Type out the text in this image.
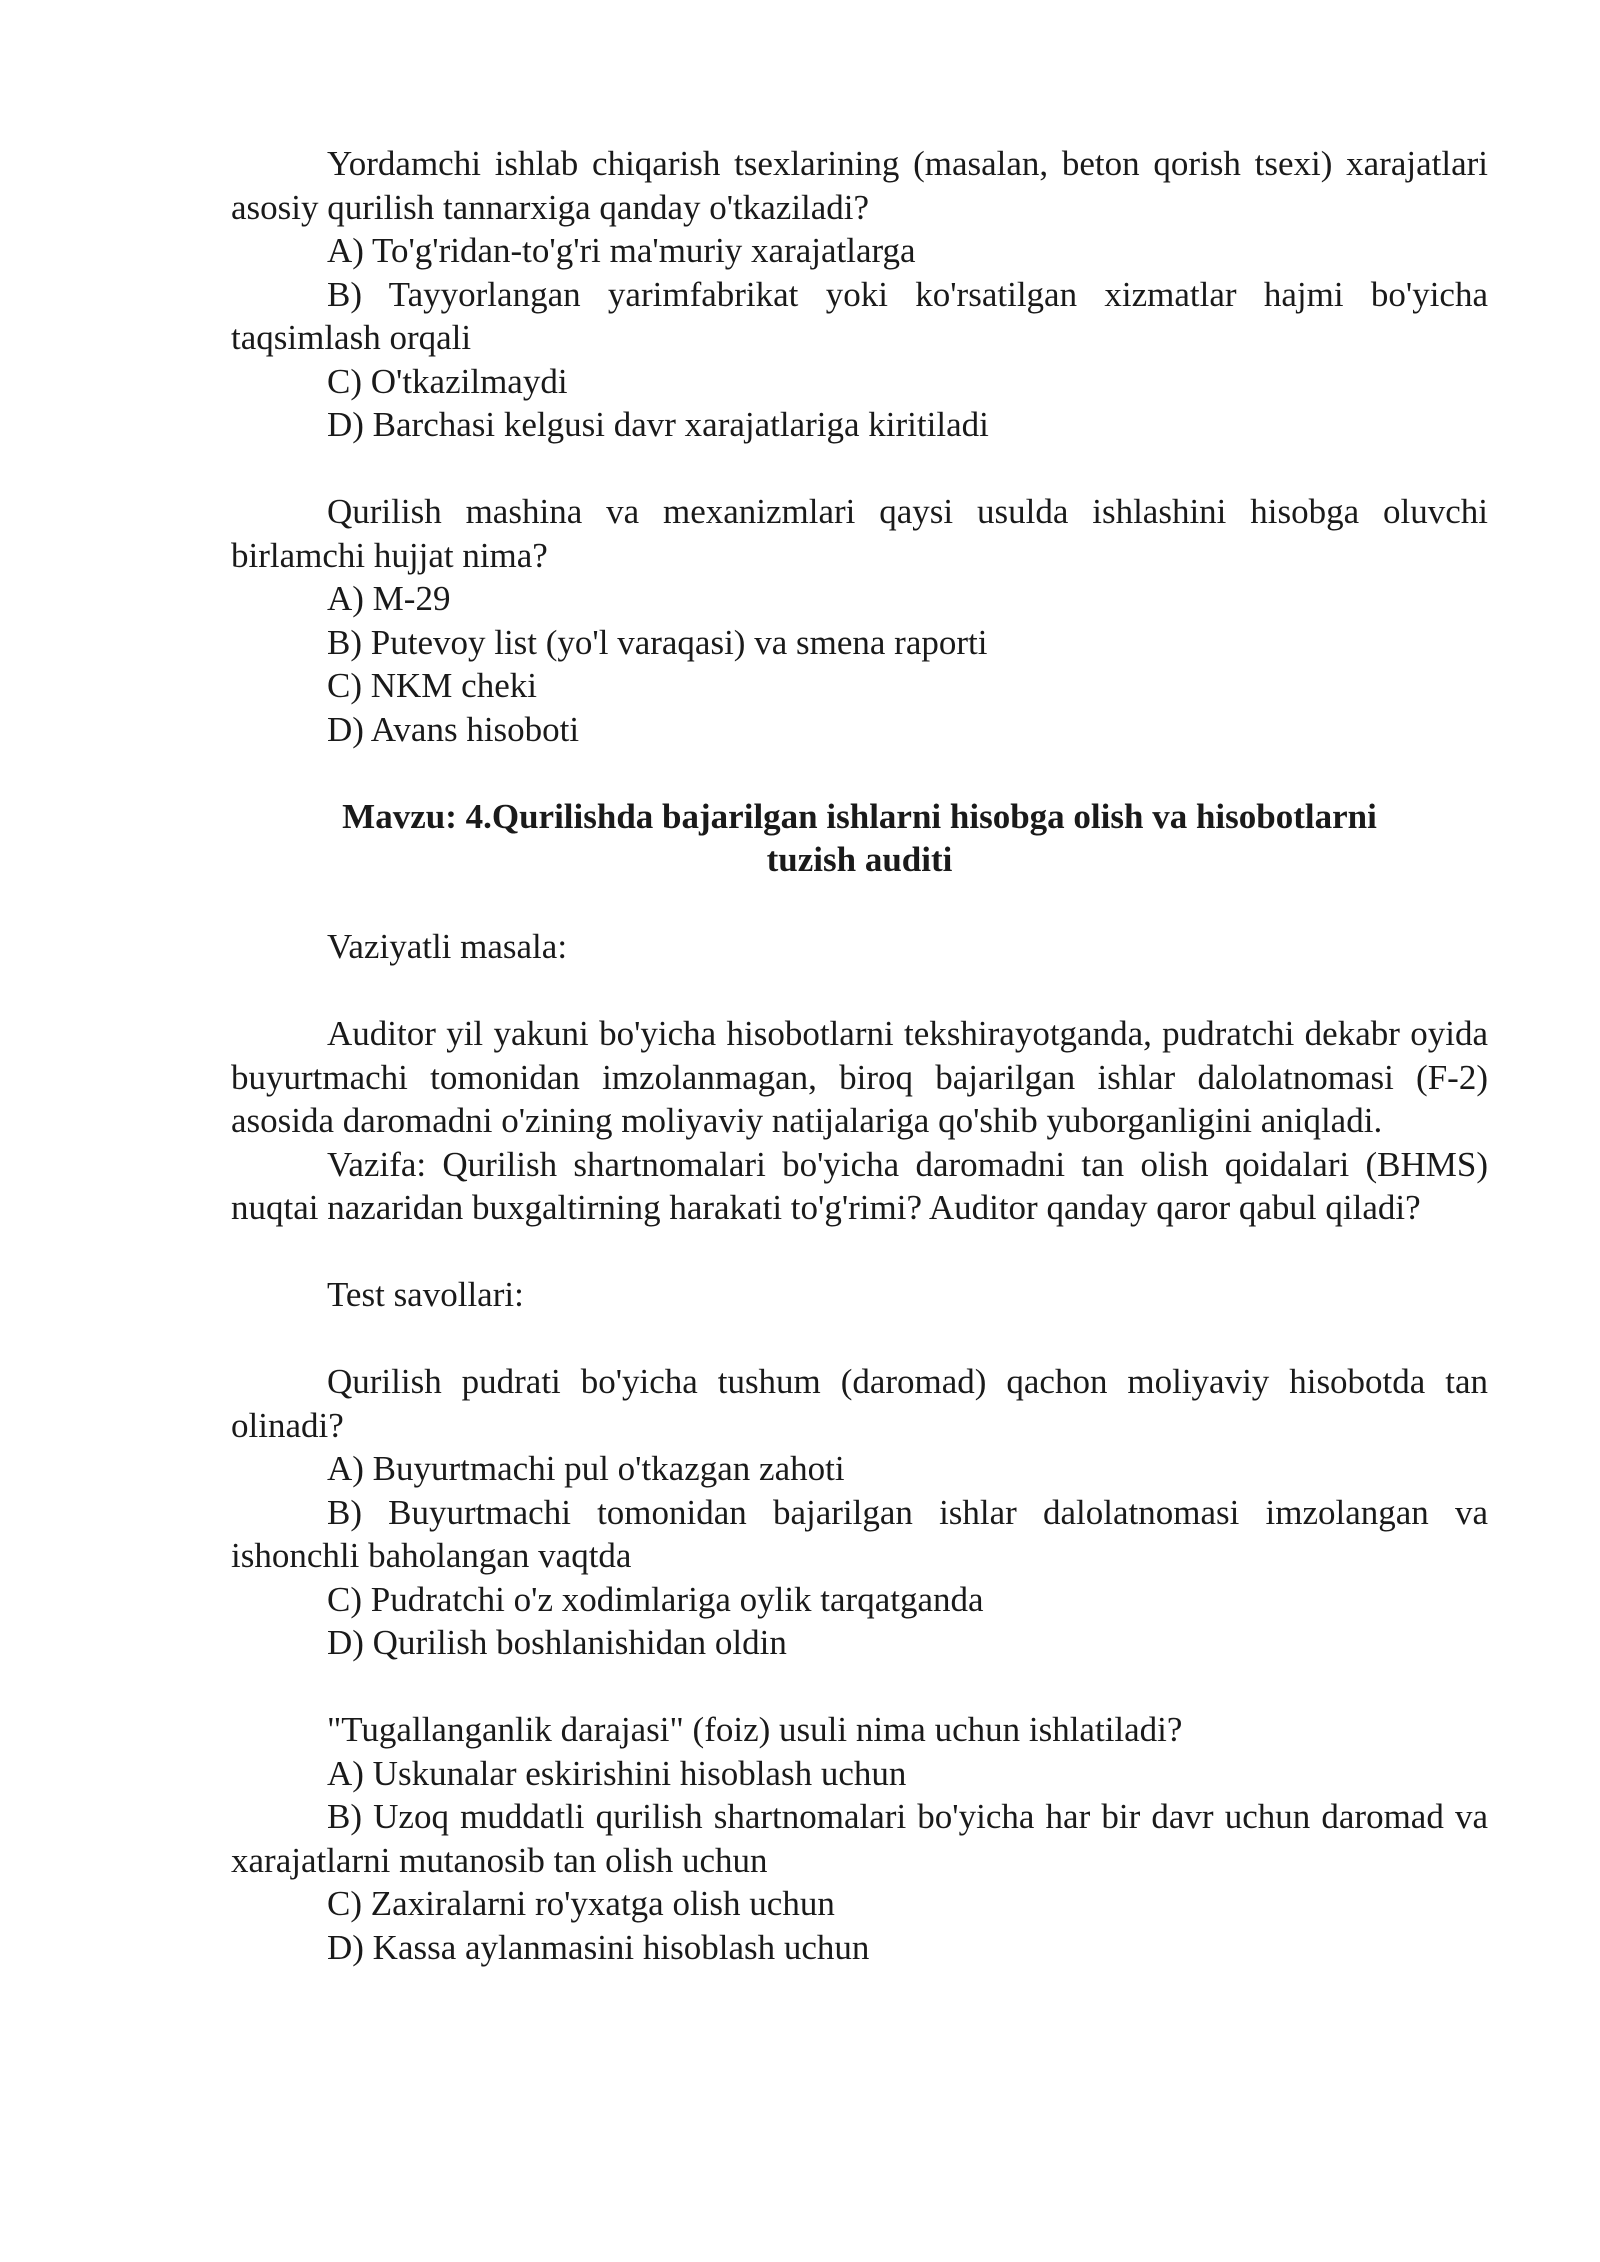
Yordamchi ishlab chiqarish tsexlarining (masalan, beton qorish tsexi) xarajatlari asosiy qurilish tannarxiga qanday o'tkaziladi?

A) To'g'ridan-to'g'ri ma'muriy xarajatlarga

B) Tayyorlangan yarimfabrikat yoki ko'rsatilgan xizmatlar hajmi bo'yicha taqsimlash orqali

C) O'tkazilmaydi

D) Barchasi kelgusi davr xarajatlariga kiritiladi

Qurilish mashina va mexanizmlari qaysi usulda ishlashini hisobga oluvchi birlamchi hujjat nima?

A) M-29

B) Putevoy list (yo'l varaqasi) va smena raporti

C) NKM cheki

D) Avans hisoboti

Mavzu: 4.Qurilishda bajarilgan ishlarni hisobga olish va hisobotlarni

tuzish auditi

Vaziyatli masala:

Auditor yil yakuni bo'yicha hisobotlarni tekshirayotganda, pudratchi dekabr oyida buyurtmachi tomonidan imzolanmagan, biroq bajarilgan ishlar dalolatnomasi (F-2) asosida daromadni o'zining moliyaviy natijalariga qo'shib yuborganligini aniqladi.

Vazifa: Qurilish shartnomalari bo'yicha daromadni tan olish qoidalari (BHMS) nuqtai nazaridan buxgaltirning harakati to'g'rimi? Auditor qanday qaror qabul qiladi?

Test savollari:

Qurilish pudrati bo'yicha tushum (daromad) qachon moliyaviy hisobotda tan olinadi?

A) Buyurtmachi pul o'tkazgan zahoti

B) Buyurtmachi tomonidan bajarilgan ishlar dalolatnomasi imzolangan va ishonchli baholangan vaqtda

C) Pudratchi o'z xodimlariga oylik tarqatganda

D) Qurilish boshlanishidan oldin

"Tugallanganlik darajasi" (foiz) usuli nima uchun ishlatiladi?

A) Uskunalar eskirishini hisoblash uchun

B) Uzoq muddatli qurilish shartnomalari bo'yicha har bir davr uchun daromad va xarajatlarni mutanosib tan olish uchun

C) Zaxiralarni ro'yxatga olish uchun

D) Kassa aylanmasini hisoblash uchun
